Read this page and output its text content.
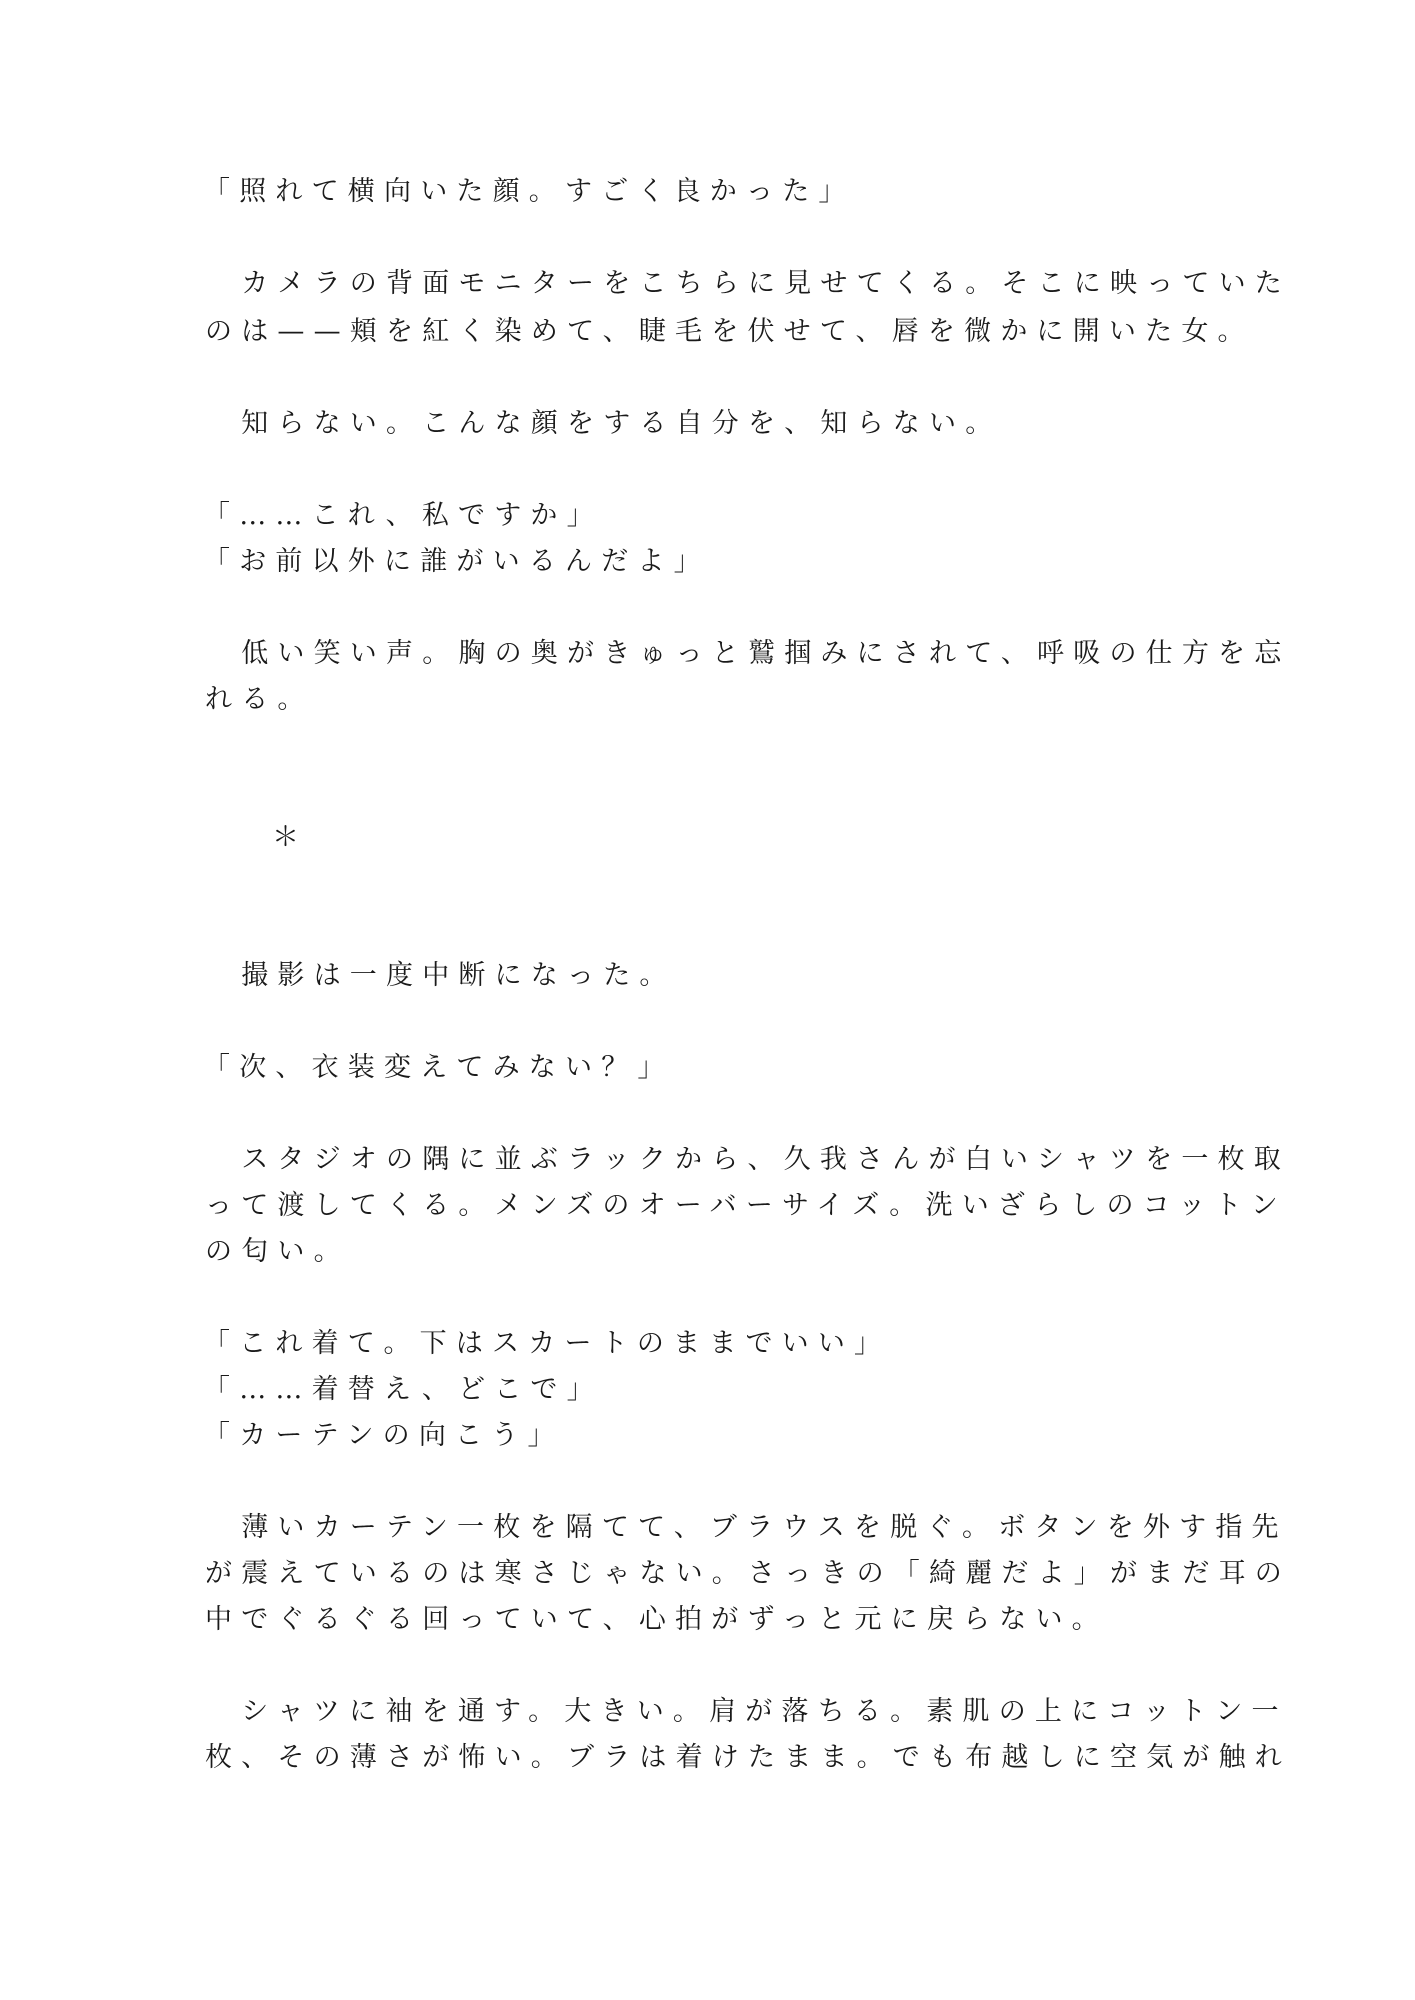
「照れて横向いた顔。すごく良かった」
　カメラの背面モニターをこちらに見せてくる。そこに映っていた
のは——頬を紅く染めて、睫毛を伏せて、唇を微かに開いた女。
　知らない。こんな顔をする自分を、知らない。
「……これ、私ですか」
「お前以外に誰がいるんだよ」
　低い笑い声。胸の奥がきゅっと鷲掴みにされて、呼吸の仕方を忘
れる。
＊
　撮影は一度中断になった。
「次、衣装変えてみない？」
　スタジオの隅に並ぶラックから、久我さんが白いシャツを一枚取
って渡してくる。メンズのオーバーサイズ。洗いざらしのコットン
の匂い。
「これ着て。下はスカートのままでいい」
「……着替え、どこで」
「カーテンの向こう」
　薄いカーテン一枚を隔てて、ブラウスを脱ぐ。ボタンを外す指先
が震えているのは寒さじゃない。さっきの「綺麗だよ」がまだ耳の
中でぐるぐる回っていて、心拍がずっと元に戻らない。
　シャツに袖を通す。大きい。肩が落ちる。素肌の上にコットン一
枚、その薄さが怖い。ブラは着けたまま。でも布越しに空気が触れ
